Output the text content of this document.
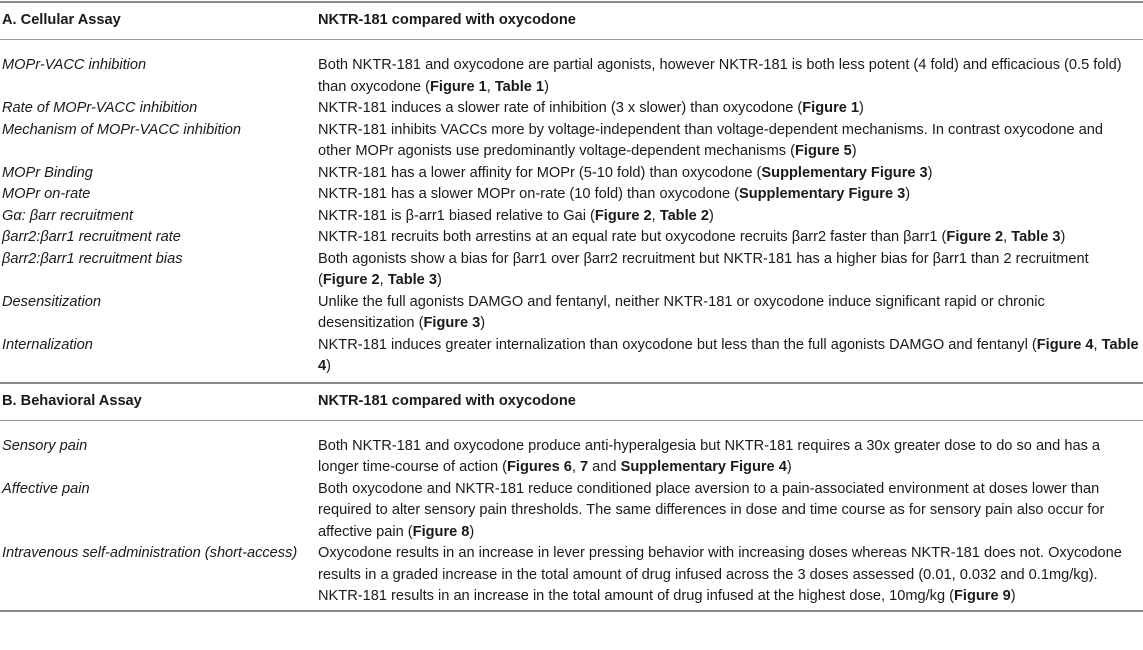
A. Cellular Assay	NKTR-181 compared with oxycodone
MOPr-VACC inhibition	Both NKTR-181 and oxycodone are partial agonists, however NKTR-181 is both less potent (4 fold) and efficacious (0.5 fold) than oxycodone (Figure 1, Table 1)
Rate of MOPr-VACC inhibition	NKTR-181 induces a slower rate of inhibition (3 x slower) than oxycodone (Figure 1)
Mechanism of MOPr-VACC inhibition	NKTR-181 inhibits VACCs more by voltage-independent than voltage-dependent mechanisms. In contrast oxycodone and other MOPr agonists use predominantly voltage-dependent mechanisms (Figure 5)
MOPr Binding	NKTR-181 has a lower affinity for MOPr (5-10 fold) than oxycodone (Supplementary Figure 3)
MOPr on-rate	NKTR-181 has a slower MOPr on-rate (10 fold) than oxycodone (Supplementary Figure 3)
Gα: βarr recruitment	NKTR-181 is β-arr1 biased relative to Gai (Figure 2, Table 2)
βarr2:βarr1 recruitment rate	NKTR-181 recruits both arrestins at an equal rate but oxycodone recruits βarr2 faster than βarr1 (Figure 2, Table 3)
βarr2:βarr1 recruitment bias	Both agonists show a bias for βarr1 over βarr2 recruitment but NKTR-181 has a higher bias for βarr1 than 2 recruitment (Figure 2, Table 3)
Desensitization	Unlike the full agonists DAMGO and fentanyl, neither NKTR-181 or oxycodone induce significant rapid or chronic desensitization (Figure 3)
Internalization	NKTR-181 induces greater internalization than oxycodone but less than the full agonists DAMGO and fentanyl (Figure 4, Table 4)
B. Behavioral Assay	NKTR-181 compared with oxycodone
Sensory pain	Both NKTR-181 and oxycodone produce anti-hyperalgesia but NKTR-181 requires a 30x greater dose to do so and has a longer time-course of action (Figures 6, 7 and Supplementary Figure 4)
Affective pain	Both oxycodone and NKTR-181 reduce conditioned place aversion to a pain-associated environment at doses lower than required to alter sensory pain thresholds. The same differences in dose and time course as for sensory pain also occur for affective pain (Figure 8)
Intravenous self-administration (short-access)	Oxycodone results in an increase in lever pressing behavior with increasing doses whereas NKTR-181 does not. Oxycodone results in a graded increase in the total amount of drug infused across the 3 doses assessed (0.01, 0.032 and 0.1mg/kg). NKTR-181 results in an increase in the total amount of drug infused at the highest dose, 10mg/kg (Figure 9)
